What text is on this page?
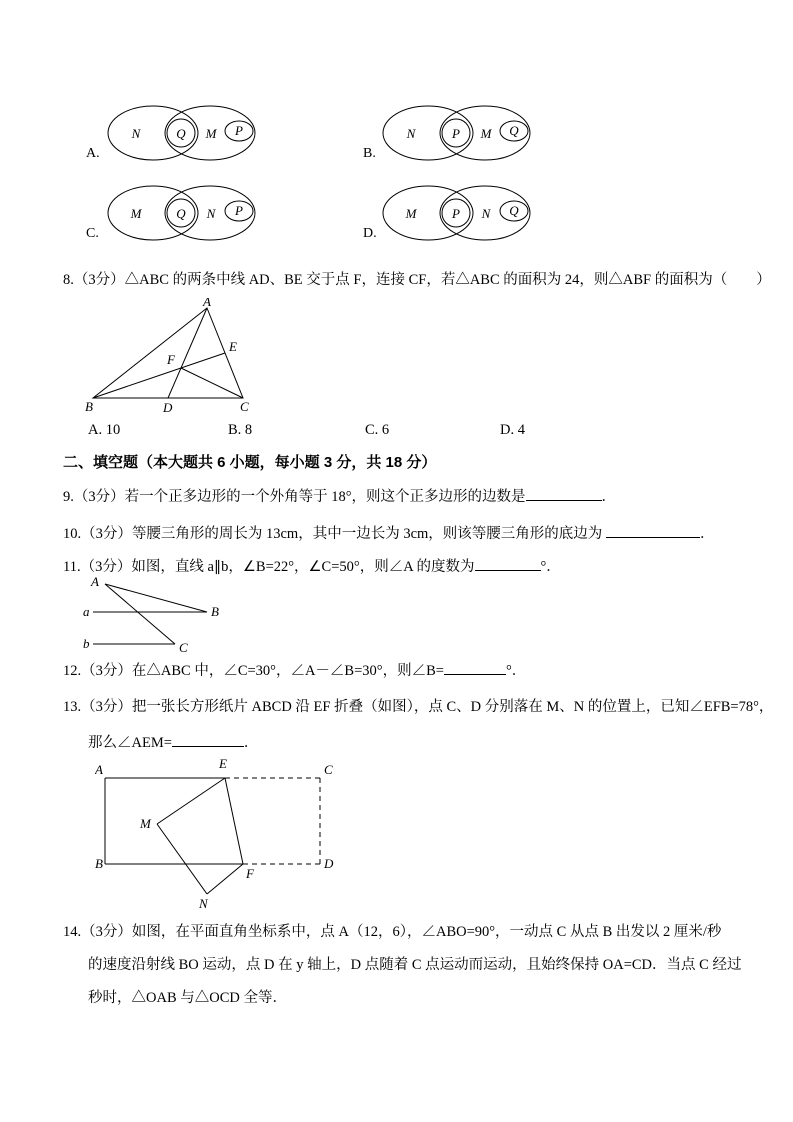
A.
N	Q M P
B.
N	P M Q
C.
M	Q N P
D.
M	P N Q
8.（3分）△ABC 的两条中线 AD、BE 交于点 F，连接 CF，若△ABC 的面积为 24，则△ABF 的面积为（　　）
A
B	C
D
E
F
A. 10	B. 8	C. 6	D. 4
二、填空题（本大题共 6 小题，每小题 3 分，共 18 分）
9.（3分）若一个正多边形的一个外角等于 18°，则这个正多边形的边数是	．
10.（3分）等腰三角形的周长为 13cm，其中一边长为 3cm，则该等腰三角形的底边为	．
11.（3分）如图，直线 a∥b，∠B=22°，∠C=50°，则∠A 的度数为	°．
A
a
b
B
C
12.（3分）在△ABC 中，∠C=30°，∠A－∠B=30°，则∠B=	°．
13.（3分）把一张长方形纸片 ABCD 沿 EF 折叠（如图），点 C、D 分别落在 M、N 的位置上，已知∠EFB=78°，
那么∠AEM=	．
A	E	C
B	D
F
M
N
14.（3分）如图，在平面直角坐标系中，点 A（12，6），∠ABO=90°，一动点 C 从点 B 出发以 2 厘米/秒
的速度沿射线 BO 运动，点 D 在 y 轴上，D 点随着 C 点运动而运动，且始终保持 OA=CD．当点 C 经过
秒时，△OAB 与△OCD 全等．
